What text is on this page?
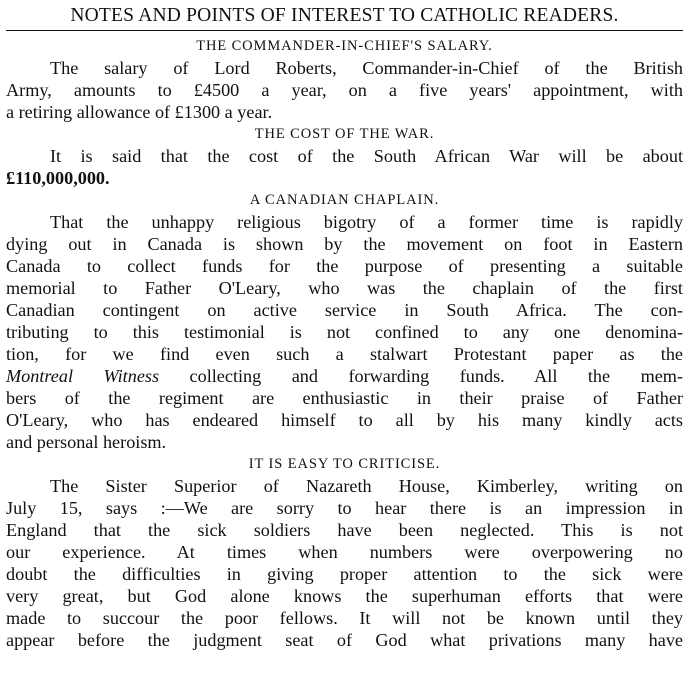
NOTES AND POINTS OF INTEREST TO CATHOLIC READERS.
THE COMMANDER-IN-CHIEF'S SALARY.
The salary of Lord Roberts, Commander-in-Chief of the British
Army, amounts to £4500 a year, on a five years' appointment, with
a retiring allowance of £1300 a year.
THE COST OF THE WAR.
It is said that the cost of the South African War will be about
£110,000,000.
A CANADIAN CHAPLAIN.
That the unhappy religious bigotry of a former time is rapidly
dying out in Canada is shown by the movement on foot in Eastern
Canada to collect funds for the purpose of presenting a suitable
memorial to Father O'Leary, who was the chaplain of the first
Canadian contingent on active service in South Africa. The con-
tributing to this testimonial is not confined to any one denomina-
tion, for we find even such a stalwart Protestant paper as the
Montreal Witness collecting and forwarding funds. All the mem-
bers of the regiment are enthusiastic in their praise of Father
O'Leary, who has endeared himself to all by his many kindly acts
and personal heroism.
IT IS EASY TO CRITICISE.
The Sister Superior of Nazareth House, Kimberley, writing on
July 15, says :—We are sorry to hear there is an impression in
England that the sick soldiers have been neglected. This is not
our experience. At times when numbers were overpowering no
doubt the difficulties in giving proper attention to the sick were
very great, but God alone knows the superhuman efforts that were
made to succour the poor fellows. It will not be known until they
appear before the judgment seat of God what privations many have
